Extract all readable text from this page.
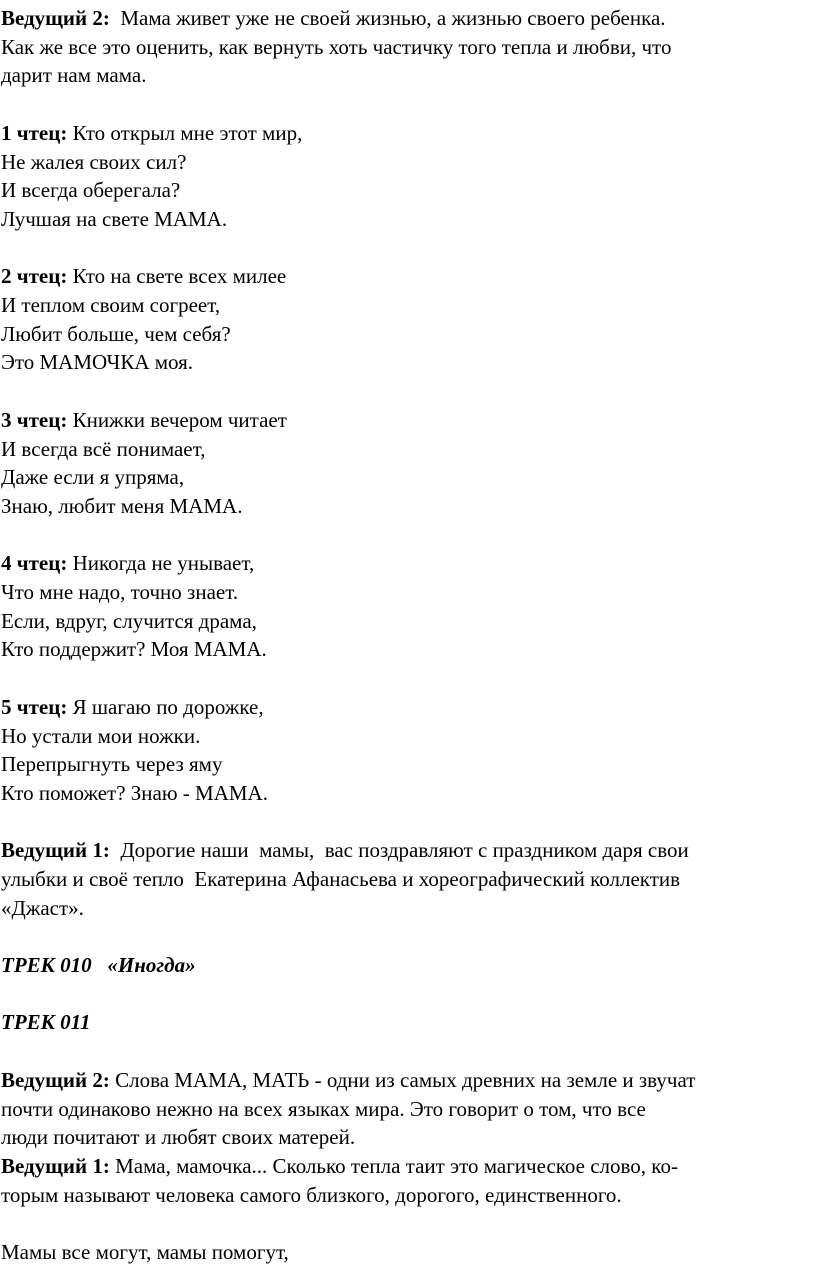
Ведущий 2:  Мама живет уже не своей жизнью, а жизнью своего ребенка.
Как же все это оценить, как вернуть хоть частичку того тепла и любви, что
дарит нам мама.
1 чтец: Кто открыл мне этот мир,
Не жалея своих сил?
И всегда оберегала?
Лучшая на свете МАМА.
2 чтец: Кто на свете всех милее
И теплом своим согреет,
Любит больше, чем себя?
Это МАМОЧКА моя.
3 чтец: Книжки вечером читает
И всегда всё понимает,
Даже если я упряма,
Знаю, любит меня МАМА.
4 чтец: Никогда не унывает,
Что мне надо, точно знает.
Если, вдруг, случится драма,
Кто поддержит? Моя МАМА.
5 чтец: Я шагаю по дорожке,
Но устали мои ножки.
Перепрыгнуть через яму
Кто поможет? Знаю - МАМА.
Ведущий 1:  Дорогие наши  мамы,  вас поздравляют с праздником даря свои
улыбки и своё тепло  Екатерина Афанасьева и хореографический коллектив
«Джаст».
ТРЕК 010   «Иногда»
ТРЕК 011
Ведущий 2: Слова МАМА, МАТЬ - одни из самых древних на земле и звучат
почти одинаково нежно на всех языках мира. Это говорит о том, что все
люди почитают и любят своих матерей.
Ведущий 1: Мама, мамочка... Сколько тепла таит это магическое слово, ко-
торым называют человека самого близкого, дорогого, единственного.
Мамы все могут, мамы помогут,
